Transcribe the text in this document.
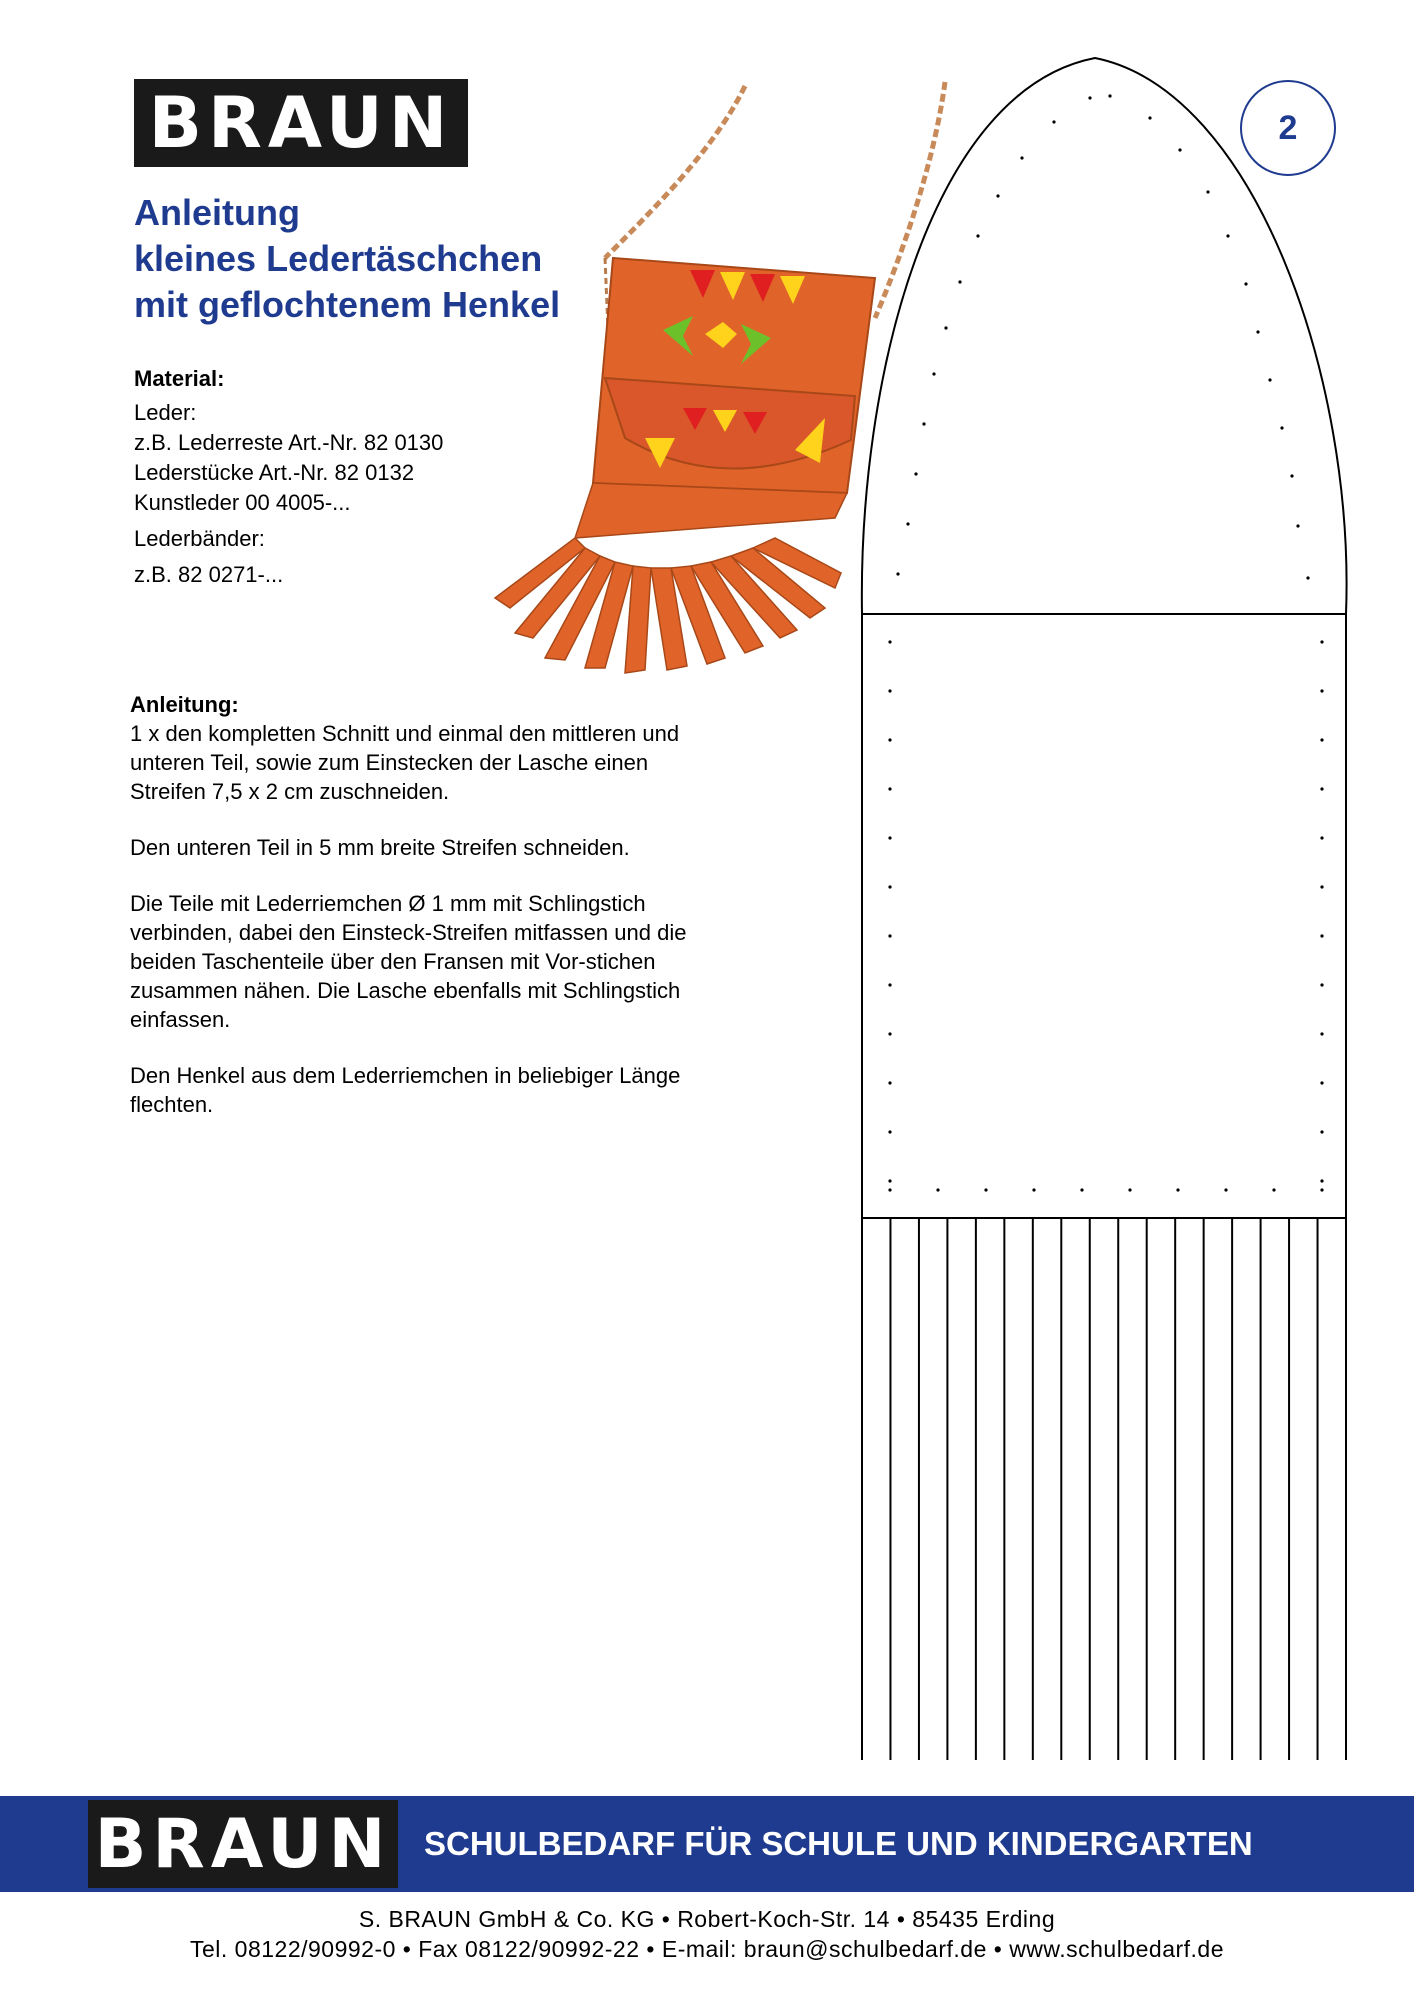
BRAUN
Anleitung
kleines Ledertäschchen
mit geflochtenem Henkel
Material:
Leder:
z.B. Lederreste Art.-Nr. 82 0130
Lederstücke Art.-Nr. 82 0132
Kunstleder 00 4005-...
Lederbänder:
z.B. 82 0271-...
Anleitung:

1 x den kompletten Schnitt und einmal den mittleren und unteren Teil, sowie zum Einstecken der Lasche einen Streifen 7,5 x 2 cm zuschneiden.

Den unteren Teil in 5 mm breite Streifen schneiden.

Die Teile mit Lederriemchen Ø 1 mm mit Schlingstich verbinden, dabei den Einsteck-Streifen mitfassen und die beiden Taschenteile über den Fransen mit Vor-stichen zusammen nähen. Die Lasche ebenfalls mit Schlingstich einfassen.

Den Henkel aus dem Lederriemchen in beliebiger Länge flechten.

2
BRAUN SCHULBEDARF FÜR SCHULE UND KINDERGARTEN
S. BRAUN GmbH & Co. KG • Robert-Koch-Str. 14 • 85435 Erding
Tel. 08122/90992-0 • Fax 08122/90992-22 • E-mail: braun@schulbedarf.de • www.schulbedarf.de
